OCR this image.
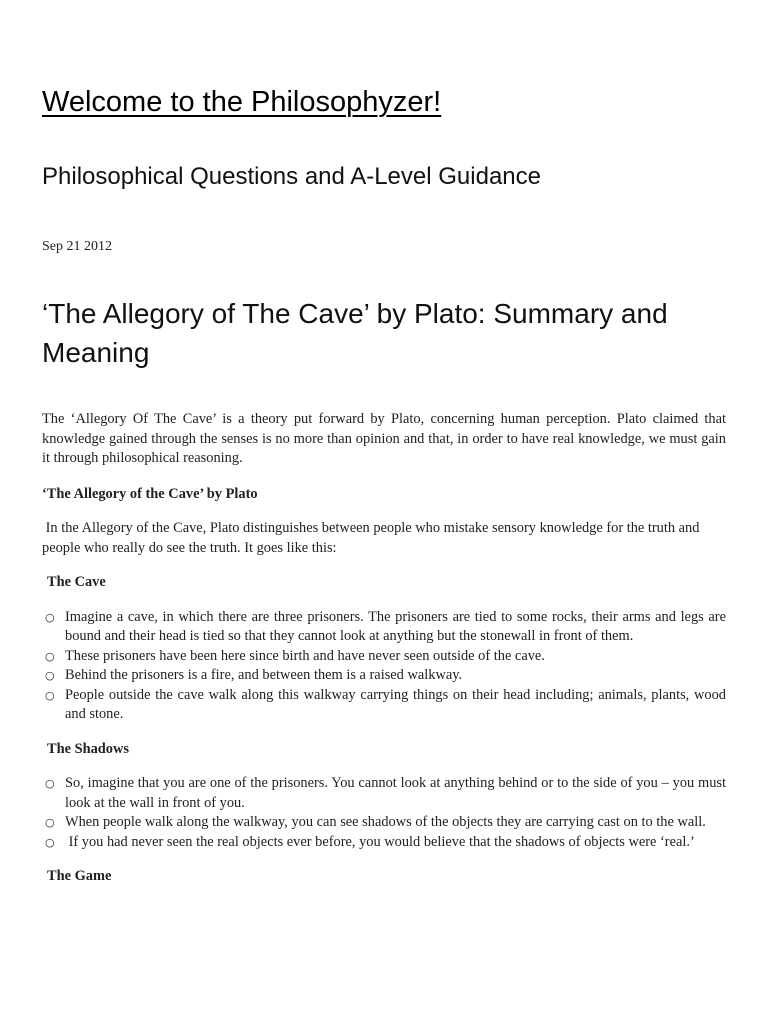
Welcome to the Philosophyzer!
Philosophical Questions and A-Level Guidance
Sep 21 2012
‘The Allegory of The Cave’ by Plato: Summary and Meaning

The ‘Allegory Of The Cave’ is a theory put forward by Plato, concerning human perception. Plato claimed that knowledge gained through the senses is no more than opinion and that, in order to have real knowledge, we must gain it through philosophical reasoning.

‘The Allegory of the Cave’ by Plato

In the Allegory of the Cave, Plato distinguishes between people who mistake sensory knowledge for the truth and people who really do see the truth. It goes like this:

The Cave

○ Imagine a cave, in which there are three prisoners. The prisoners are tied to some rocks, their arms and legs are bound and their head is tied so that they cannot look at anything but the stonewall in front of them.
○ These prisoners have been here since birth and have never seen outside of the cave.
○ Behind the prisoners is a fire, and between them is a raised walkway.
○ People outside the cave walk along this walkway carrying things on their head including; animals, plants, wood and stone.

The Shadows

○ So, imagine that you are one of the prisoners. You cannot look at anything behind or to the side of you – you must look at the wall in front of you.
○ When people walk along the walkway, you can see shadows of the objects they are carrying cast on to the wall.
○ If you had never seen the real objects ever before, you would believe that the shadows of objects were ‘real.’

The Game
